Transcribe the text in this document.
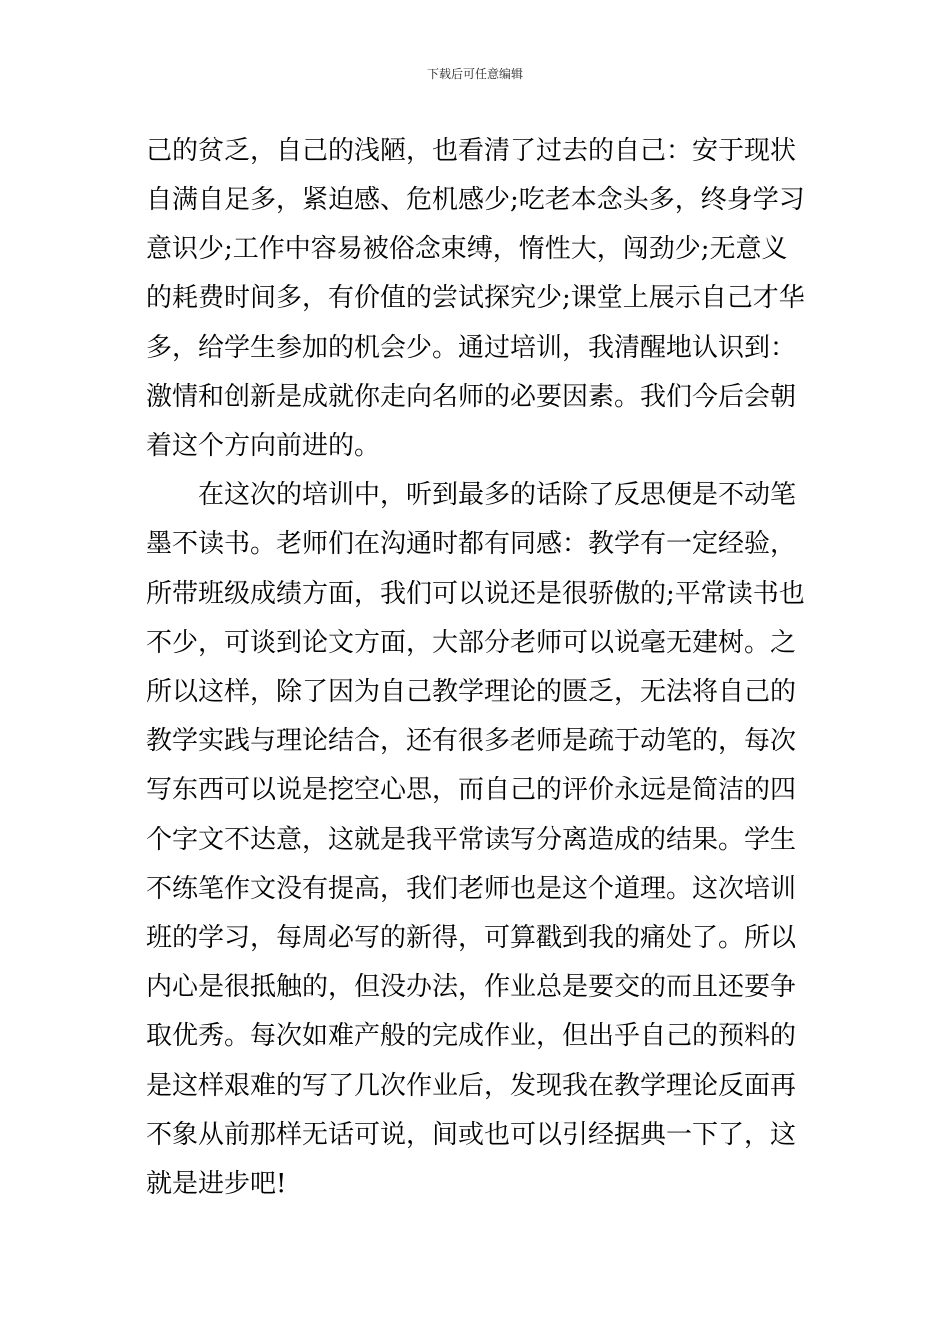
下载后可任意编辑
己的贫乏，自己的浅陋，也看清了过去的自己：安于现状
自满自足多，紧迫感、危机感少;吃老本念头多，终身学习
意识少;工作中容易被俗念束缚，惰性大，闯劲少;无意义
的耗费时间多，有价值的尝试探究少;课堂上展示自己才华
多，给学生参加的机会少。通过培训，我清醒地认识到：
激情和创新是成就你走向名师的必要因素。我们今后会朝
着这个方向前进的。
　　在这次的培训中，听到最多的话除了反思便是不动笔
墨不读书。老师们在沟通时都有同感：教学有一定经验，
所带班级成绩方面，我们可以说还是很骄傲的;平常读书也
不少，可谈到论文方面，大部分老师可以说毫无建树。之
所以这样，除了因为自己教学理论的匮乏，无法将自己的
教学实践与理论结合，还有很多老师是疏于动笔的，每次
写东西可以说是挖空心思，而自己的评价永远是简洁的四
个字文不达意，这就是我平常读写分离造成的结果。学生
不练笔作文没有提高，我们老师也是这个道理。这次培训
班的学习，每周必写的新得，可算戳到我的痛处了。所以
内心是很抵触的，但没办法，作业总是要交的而且还要争
取优秀。每次如难产般的完成作业，但出乎自己的预料的
是这样艰难的写了几次作业后，发现我在教学理论反面再
不象从前那样无话可说，间或也可以引经据典一下了，这
就是进步吧!
